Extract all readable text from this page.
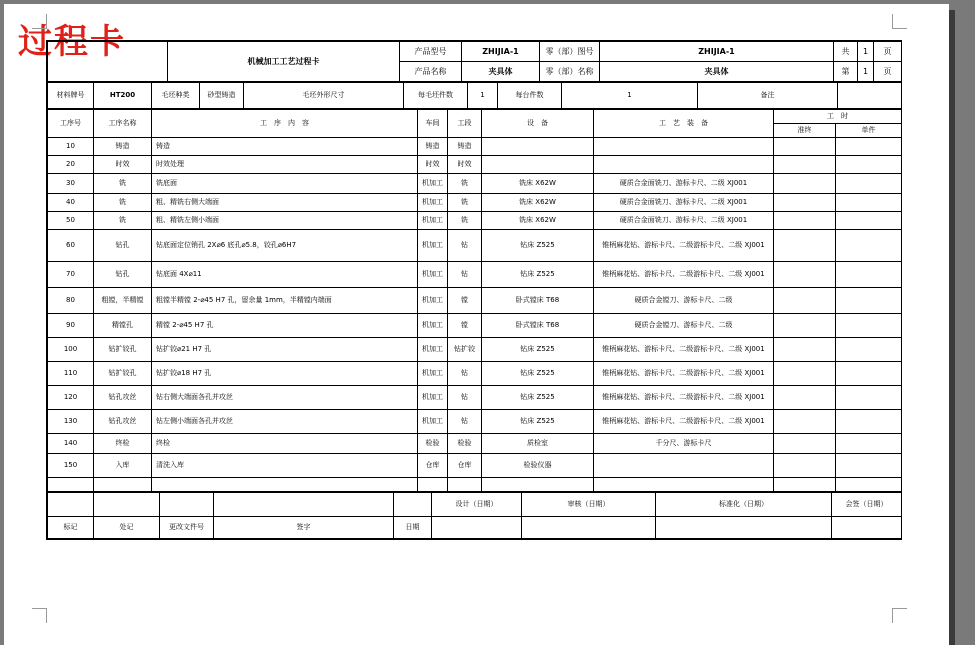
过程卡
		机械加工工艺过程卡	产品型号	ZHIJIA-1	零（部）图号	ZHIJIA-1	共	1	页
		产品名称	夹具体	零（部）名称	夹具体	第	1	页
材料牌号	HT200	毛坯种类	砂型铸造	毛坯外形尺寸	每毛坯件数	1	每台件数	1	备注	
工序号	工序名称	工　序　内　容	车间	工段	设　备	工　艺　装　备	工　时	
							准终	单件
10	铸造	铸造	铸造	铸造				
20	时效	时效处理	时效	时效				
30	铣	铣底面	机加工	铣	铣床 X62W	硬质合金面铣刀、游标卡尺、二级 XJ001		
40	铣	粗、精铣右侧大端面	机加工	铣	铣床 X62W	硬质合金面铣刀、游标卡尺、二级 XJ001		
50	铣	粗、精铣左侧小端面	机加工	铣	铣床 X62W	硬质合金面铣刀、游标卡尺、二级 XJ001		
60	钻孔	钻底面定位销孔 2X⌀6 底孔⌀5.8，铰孔⌀6H7	机加工	钻	钻床 Z525	锥柄麻花钻、游标卡尺、二级游标卡尺、二级 XJ001		
70	钻孔	钻底面 4X⌀11	机加工	钻	钻床 Z525	锥柄麻花钻、游标卡尺、二级游标卡尺、二级 XJ001		
80	粗镗，半精镗	粗镗半精镗 2-⌀45 H7 孔，留余量 1mm，半精镗内端面	机加工	镗	卧式镗床 T68	硬质合金镗刀、游标卡尺、二级		
90	精镗孔	精镗 2-⌀45 H7 孔	机加工	镗	卧式镗床 T68	硬质合金镗刀、游标卡尺、二级		
100	钻扩铰孔	钻扩铰⌀21 H7 孔	机加工	钻扩铰	钻床 Z525	锥柄麻花钻、游标卡尺、二级游标卡尺、二级 XJ001		
110	钻扩铰孔	钻扩铰⌀18 H7 孔	机加工	钻	钻床 Z525	锥柄麻花钻、游标卡尺、二级游标卡尺、二级 XJ001		
120	钻孔攻丝	钻右侧大端面各孔并攻丝	机加工	钻	钻床 Z525	锥柄麻花钻、游标卡尺、二级游标卡尺、二级 XJ001		
130	钻孔攻丝	钻左侧小端面各孔并攻丝	机加工	钻	钻床 Z525	锥柄麻花钻、游标卡尺、二级游标卡尺、二级 XJ001		
140	终检	终检	检验	检验	质检室	千分尺、游标卡尺		
150	入库	清洗入库	仓库	仓库	检验仪器			

					设计（日期）	审核（日期）	标准化（日期）	会签（日期）
标记	处记	更改文件号	签字	日期				
